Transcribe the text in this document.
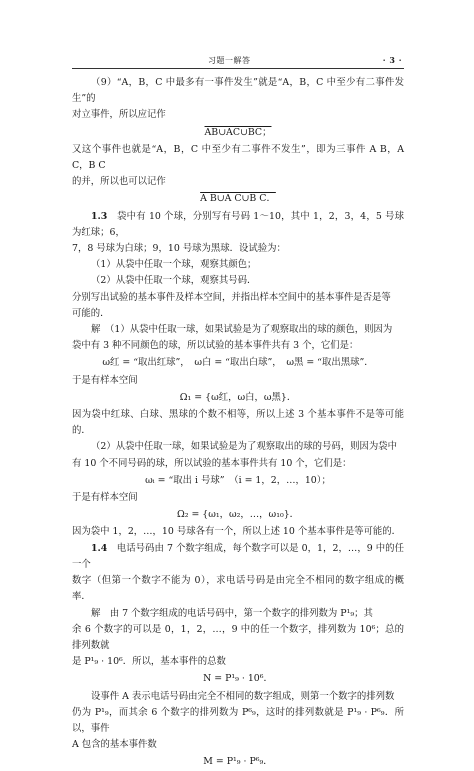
习题一解答	· 3 ·

（9）“A，B，C 中最多有一事件发生”就是“A，B，C 中至少有二事件发生”的

对立事件，所以应记作

AB∪AC∪BC；

又这个事件也就是“A，B，C 中至少有二事件不发生”，即为三事件 A B，A C，B C

的并，所以也可以记作

A B∪A C∪B C．

1.3　 袋中有 10 个球，分别写有号码 1～10，其中 1，2，3，4，5 号球为红球；6，

7，8 号球为白球；9，10 号球为黑球．设试验为：

（1）从袋中任取一个球，观察其颜色；

（2）从袋中任取一个球，观察其号码．

分别写出试验的基本事件及样本空间，并指出样本空间中的基本事件是否是等

可能的．

解　（1）从袋中任取一球，如果试验是为了观察取出的球的颜色，则因为

袋中有 3 种不同颜色的球，所以试验的基本事件共有 3 个，它们是：

ω红 = “取出红球”，　ω白 = “取出白球”，　ω黑 = “取出黑球”．

于是有样本空间

Ω₁ = {ω红，ω白，ω黑}．

因为袋中红球、白球、黑球的个数不相等，所以上述 3 个基本事件不是等可能的．

（2）从袋中任取一球，如果试验是为了观察取出的球的号码，则因为袋中

有 10 个不同号码的球，所以试验的基本事件共有 10 个，它们是：

ωᵢ = “取出 i 号球”　（i = 1，2，…，10）；

于是有样本空间

Ω₂ = {ω₁，ω₂，…，ω₁₀}．

因为袋中 1，2，…，10 号球各有一个，所以上述 10 个基本事件是等可能的．

1.4　 电话号码由 7 个数字组成，每个数字可以是 0，1，2，…，9 中的任一个

数字（但第一个数字不能为 0），求电话号码是由完全不相同的数字组成的概率．

解　由 7 个数字组成的电话号码中，第一个数字的排列数为 P¹₉；其

余 6 个数字的可以是 0，1，2，…，9 中的任一个数字，排列数为 10⁶；总的排列数就

是 P¹₉ · 10⁶．所以，基本事件的总数

N = P¹₉ · 10⁶．

设事件 A 表示电话号码由完全不相同的数字组成，则第一个数字的排列数

仍为 P¹₉，而其余 6 个数字的排列数为 P⁶₉，这时的排列数就是 P¹₉ · P⁶₉．所以，事件

A 包含的基本事件数

M = P¹₉ · P⁶₉．
